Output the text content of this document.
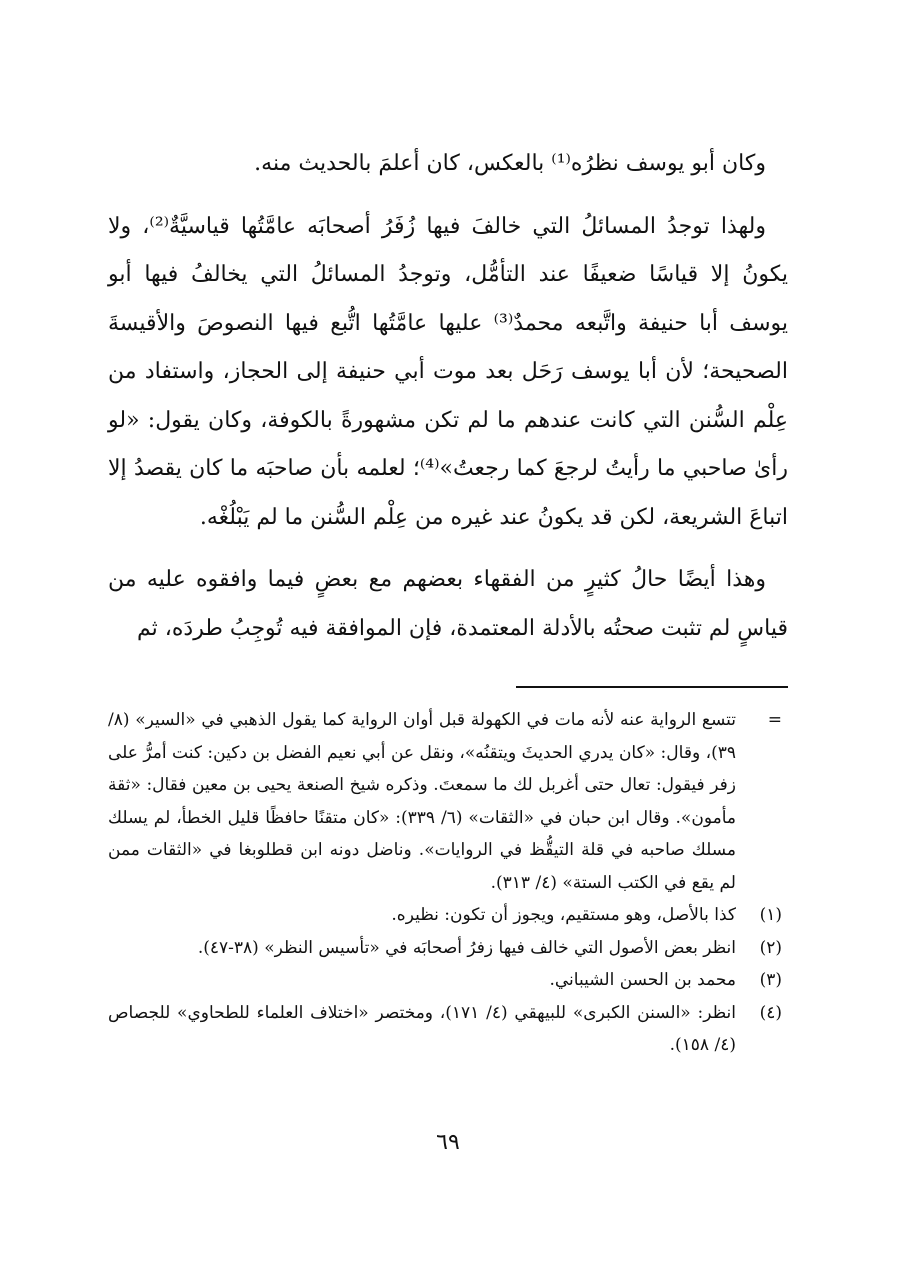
وكان أبو يوسف نظرُه⁽¹⁾ بالعكس، كان أعلمَ بالحديث منه.

ولهذا توجدُ المسائلُ التي خالفَ فيها زُفَرُ أصحابَه عامَّتُها قياسيَّةٌ⁽²⁾، ولا يكونُ إلا قياسًا ضعيفًا عند التأمُّل، وتوجدُ المسائلُ التي يخالفُ فيها أبو يوسف أبا حنيفة واتَّبعه محمدٌ⁽³⁾ عليها عامَّتُها اتُّبع فيها النصوصَ والأقيسةَ الصحيحة؛ لأن أبا يوسف رَحَل بعد موت أبي حنيفة إلى الحجاز، واستفاد من عِلْم السُّنن التي كانت عندهم ما لم تكن مشهورةً بالكوفة، وكان يقول: «لو رأىٰ صاحبي ما رأيتُ لرجعَ كما رجعتُ»⁽⁴⁾؛ لعلمه بأن صاحبَه ما كان يقصدُ إلا اتباعَ الشريعة، لكن قد يكونُ عند غيره من عِلْم السُّنن ما لم يَبْلُغْه.

وهذا أيضًا حالُ كثيرٍ من الفقهاء بعضهم مع بعضٍ فيما وافقوه عليه من قياسٍ لم تثبت صحتُه بالأدلة المعتمدة، فإن الموافقة فيه تُوجِبُ طردَه، ثم

=
تتسع الرواية عنه لأنه مات في الكهولة قبل أوان الرواية كما يقول الذهبي في «السير» (٨/ ٣٩)، وقال: «كان يدري الحديثَ ويتقنُه»، ونقل عن أبي نعيم الفضل بن دكين: كنت أمرُّ على زفر فيقول: تعال حتى أغربل لك ما سمعتَ. وذكره شيخ الصنعة يحيى بن معين فقال: «ثقة مأمون». وقال ابن حبان في «الثقات» (٦/ ٣٣٩): «كان متقنًا حافظًا قليل الخطأ، لم يسلك مسلك صاحبه في قلة التيقُّظ في الروايات». وناضل دونه ابن قطلوبغا في «الثقات ممن لم يقع في الكتب الستة» (٤/ ٣١٣).

(١)
كذا بالأصل، وهو مستقيم، ويجوز أن تكون: نظيره.

(٢)
انظر بعض الأصول التي خالف فيها زفرُ أصحابَه في «تأسيس النظر» (٣٨-٤٧).

(٣)
محمد بن الحسن الشيباني.

(٤)
انظر: «السنن الكبرى» للبيهقي (٤/ ١٧١)، ومختصر «اختلاف العلماء للطحاوي» للجصاص (٤/ ١٥٨).

٦٩
